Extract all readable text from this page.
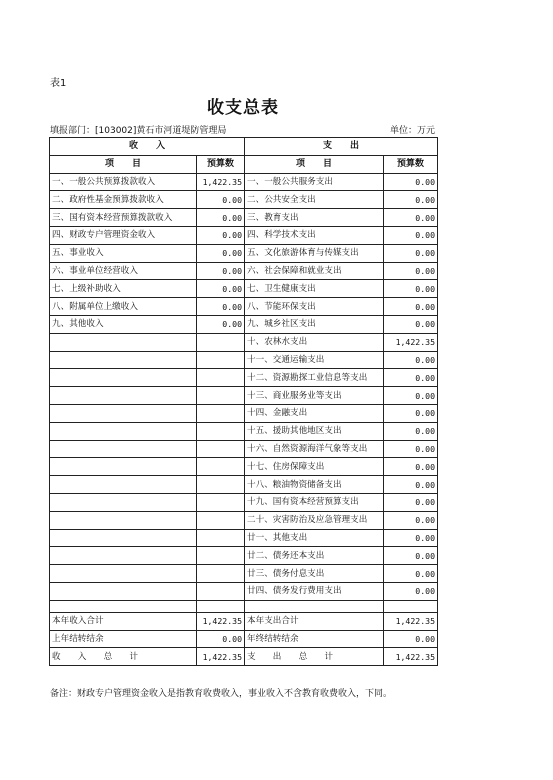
表1
收支总表
填报部门：[103002]黄石市河道堤防管理局	单位：万元
收　　入		支　　出	
项　　目	预算数	项　　目	预算数
一、一般公共预算拨款收入	1,422.35	一、一般公共服务支出	0.00
二、政府性基金预算拨款收入	0.00	二、公共安全支出	0.00
三、国有资本经营预算拨款收入	0.00	三、教育支出	0.00
四、财政专户管理资金收入	0.00	四、科学技术支出	0.00
五、事业收入	0.00	五、文化旅游体育与传媒支出	0.00
六、事业单位经营收入	0.00	六、社会保障和就业支出	0.00
七、上级补助收入	0.00	七、卫生健康支出	0.00
八、附属单位上缴收入	0.00	八、节能环保支出	0.00
九、其他收入	0.00	九、城乡社区支出	0.00
		十、农林水支出	1,422.35
		十一、交通运输支出	0.00
		十二、资源勘探工业信息等支出	0.00
		十三、商业服务业等支出	0.00
		十四、金融支出	0.00
		十五、援助其他地区支出	0.00
		十六、自然资源海洋气象等支出	0.00
		十七、住房保障支出	0.00
		十八、粮油物资储备支出	0.00
		十九、国有资本经营预算支出	0.00
		二十、灾害防治及应急管理支出	0.00
		廿一、其他支出	0.00
		廿二、债务还本支出	0.00
		廿三、债务付息支出	0.00
		廿四、债务发行费用支出	0.00

本年收入合计	1,422.35	本年支出合计	1,422.35
上年结转结余	0.00	年终结转结余	0.00
收　　入　　总　　计	1,422.35	支　　出　　总　　计	1,422.35
备注：财政专户管理资金收入是指教育收费收入，事业收入不含教育收费收入，下同。
